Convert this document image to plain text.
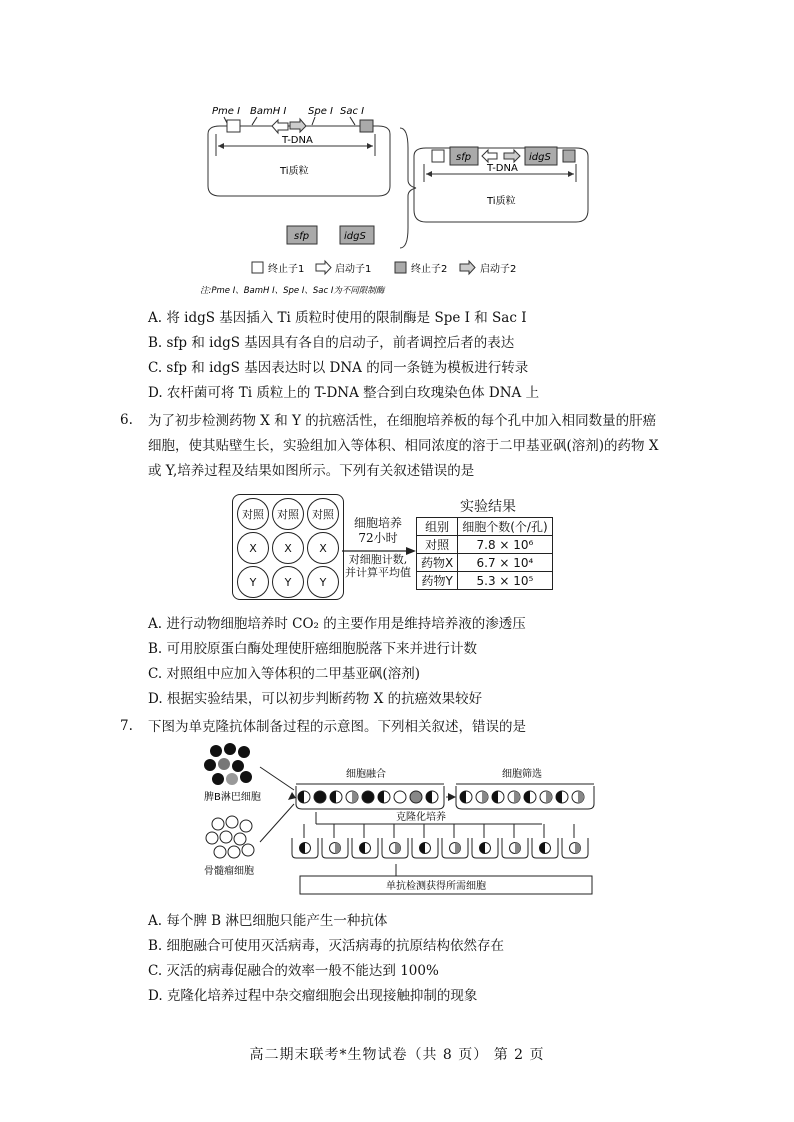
Pme I BamH I Spe I Sac I
T-DNA
Ti质粒
sfp	idgS
T-DNA
Ti质粒
sfp	idgS
终止子1	启动子1	终止子2	启动子2
注:Pme I、BamH I、Spe I、Sac I为不同限制酶
A. 将 idgS 基因插入 Ti 质粒时使用的限制酶是 Spe I 和 Sac I
B. sfp 和 idgS 基因具有各自的启动子，前者调控后者的表达
C. sfp 和 idgS 基因表达时以 DNA 的同一条链为模板进行转录
D. 农杆菌可将 Ti 质粒上的 T-DNA 整合到白玫瑰染色体 DNA 上
6. 为了初步检测药物 X 和 Y 的抗癌活性，在细胞培养板的每个孔中加入相同数量的肝癌
细胞，使其贴壁生长，实验组加入等体积、相同浓度的溶于二甲基亚砜(溶剂)的药物 X
或 Y,培养过程及结果如图所示。下列有关叙述错误的是
对照	对照	对照
X	X	X
Y	Y	Y
细胞培养
72小时
对细胞计数,
并计算平均值
实验结果
组别	细胞个数(个/孔)
对照	7.8 × 10⁶
药物X	6.7 × 10⁴
药物Y	5.3 × 10⁵
A. 进行动物细胞培养时 CO₂ 的主要作用是维持培养液的渗透压
B. 可用胶原蛋白酶处理使肝癌细胞脱落下来并进行计数
C. 对照组中应加入等体积的二甲基亚砜(溶剂)
D. 根据实验结果，可以初步判断药物 X 的抗癌效果较好
7. 下图为单克隆抗体制备过程的示意图。下列相关叙述，错误的是
脾B淋巴细胞
骨髓瘤细胞
细胞融合	细胞筛选
克隆化培养
单抗检测获得所需细胞
A. 每个脾 B 淋巴细胞只能产生一种抗体
B. 细胞融合可使用灭活病毒，灭活病毒的抗原结构依然存在
C. 灭活的病毒促融合的效率一般不能达到 100%
D. 克隆化培养过程中杂交瘤细胞会出现接触抑制的现象
高二期末联考*生物试卷（共 8 页） 第 2 页
